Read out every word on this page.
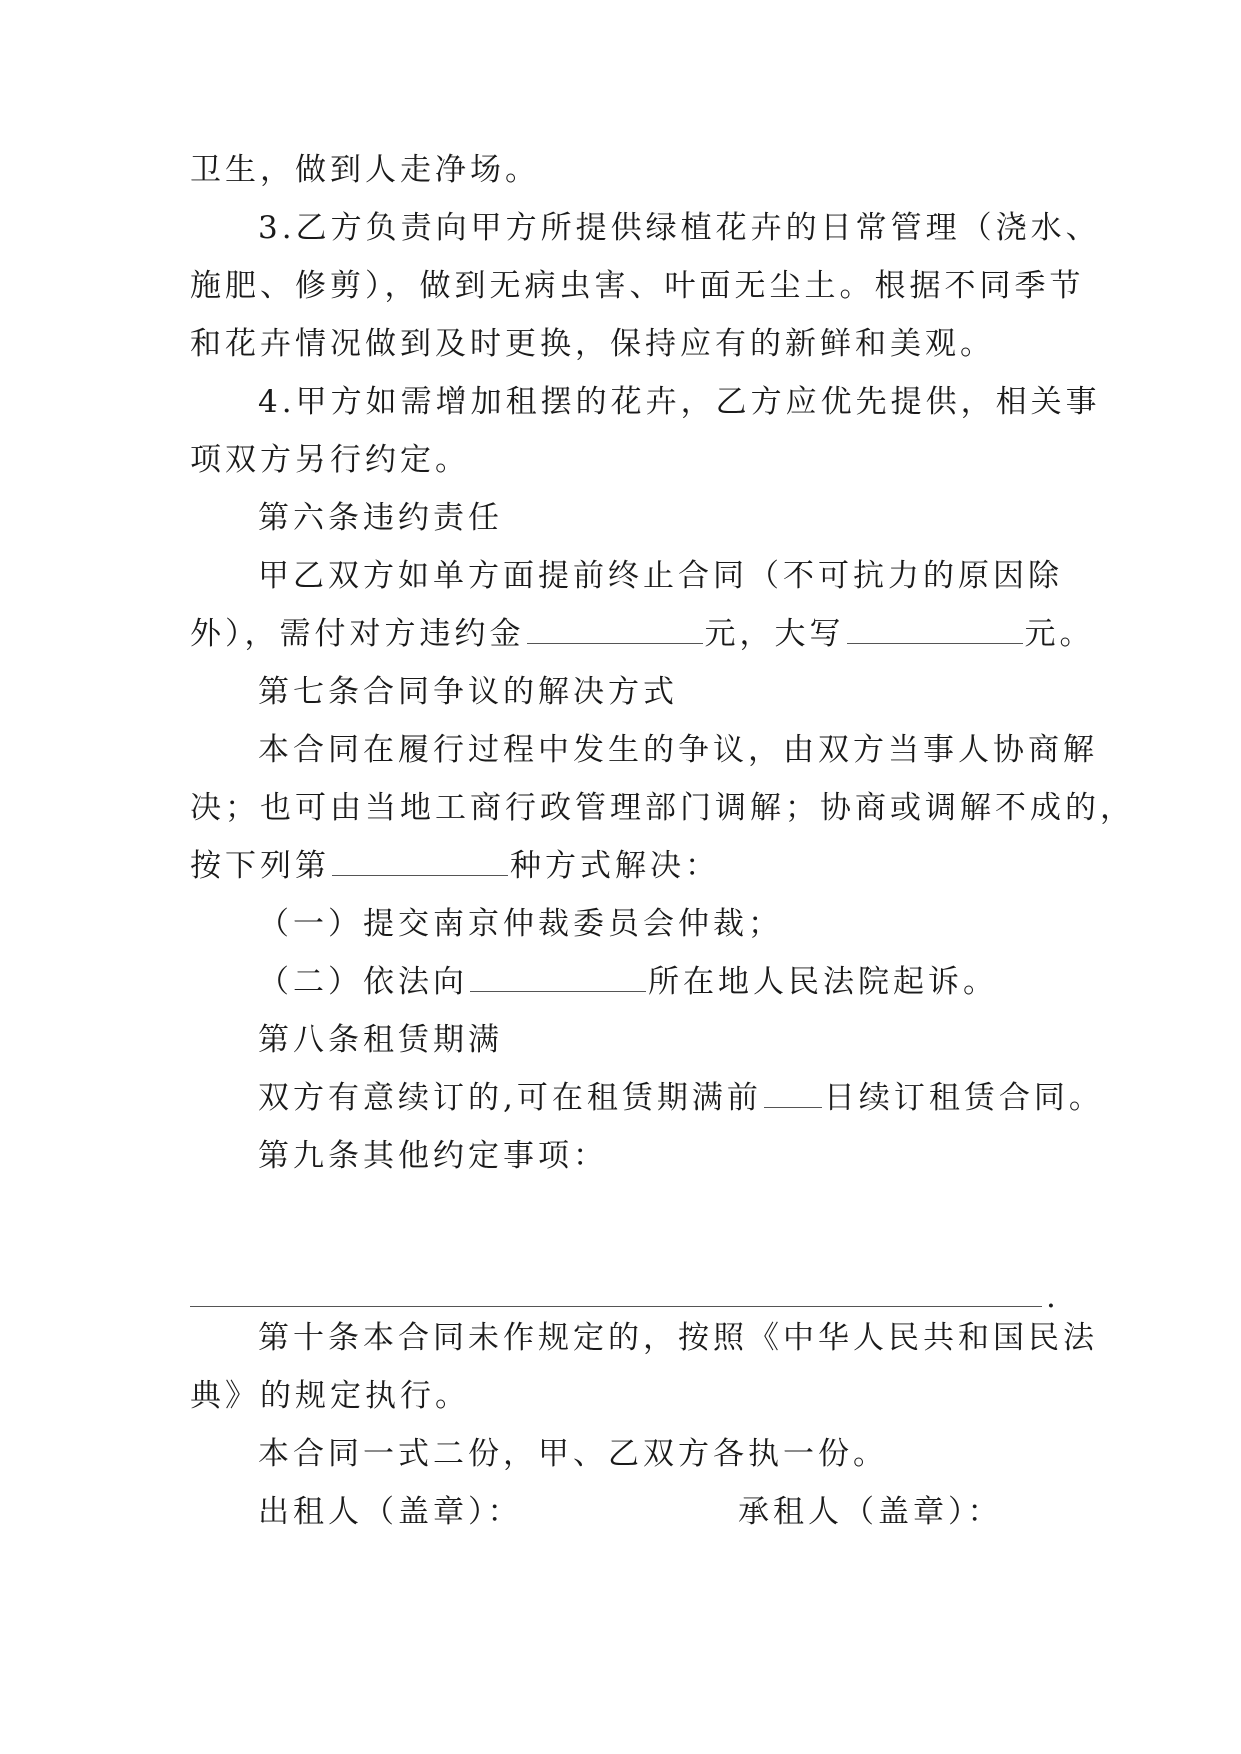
卫生，做到人走净场。
3.乙方负责向甲方所提供绿植花卉的日常管理（浇水、
施肥、修剪），做到无病虫害、叶面无尘土。根据不同季节
和花卉情况做到及时更换，保持应有的新鲜和美观。
4.甲方如需增加租摆的花卉，乙方应优先提供，相关事
项双方另行约定。
第六条违约责任
甲乙双方如单方面提前终止合同（不可抗力的原因除
外），需付对方违约金	元，大写	元。
第七条合同争议的解决方式
本合同在履行过程中发生的争议，由双方当事人协商解
决；也可由当地工商行政管理部门调解；协商或调解不成的，
按下列第	种方式解决：
（一）提交南京仲裁委员会仲裁；
（二）依法向	所在地人民法院起诉。
第八条租赁期满
双方有意续订的,可在租赁期满前 日续订租赁合同。
第九条其他约定事项：
.
第十条本合同未作规定的，按照《中华人民共和国民法
典》的规定执行。
本合同一式二份，甲、乙双方各执一份。
出租人（盖章）：	承租人（盖章）：
